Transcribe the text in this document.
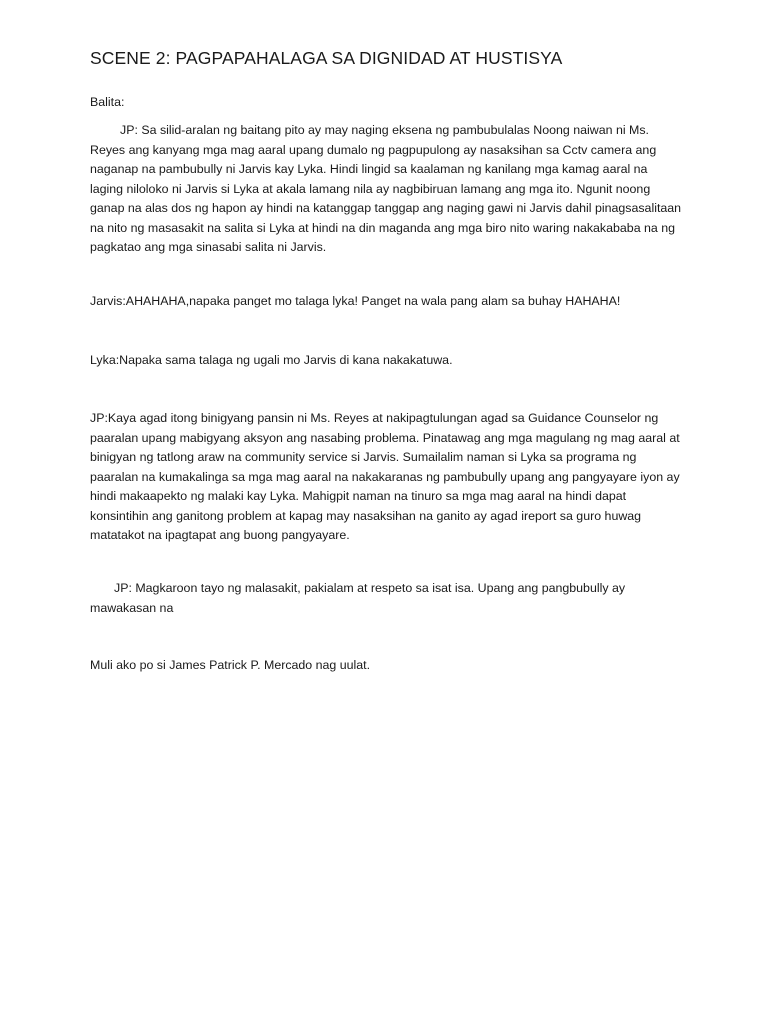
SCENE 2: PAGPAPAHALAGA SA DIGNIDAD AT HUSTISYA

Balita:

JP: Sa silid-aralan ng baitang pito ay may naging eksena ng pambubulalas Noong naiwan ni Ms. Reyes ang kanyang mga mag aaral upang dumalo ng pagpupulong ay nasaksihan sa Cctv camera ang naganap na pambubully ni Jarvis kay Lyka. Hindi lingid sa kaalaman ng kanilang mga kamag aaral na laging niloloko ni Jarvis si Lyka at akala lamang nila ay nagbibiruan lamang ang mga ito. Ngunit noong ganap na alas dos ng hapon ay hindi na katanggap tanggap ang naging gawi ni Jarvis dahil pinagsasalitaan na nito ng masasakit na salita si Lyka at hindi na din maganda ang mga biro nito waring nakakababa na ng pagkatao ang mga sinasabi salita ni Jarvis.

Jarvis:AHAHAHA,napaka panget mo talaga lyka! Panget na wala pang alam sa buhay HAHAHA!

Lyka:Napaka sama talaga ng ugali mo Jarvis di kana nakakatuwa.

JP:Kaya agad itong binigyang pansin ni Ms. Reyes at nakipagtulungan agad sa Guidance Counselor ng paaralan upang mabigyang aksyon ang nasabing problema. Pinatawag ang mga magulang ng mag aaral at binigyan ng tatlong araw na community service si Jarvis. Sumailalim naman si Lyka sa programa ng paaralan na kumakalinga sa mga mag aaral na nakakaranas ng pambubully upang ang pangyayare iyon ay hindi makaapekto ng malaki kay Lyka. Mahigpit naman na tinuro sa mga mag aaral na hindi dapat konsintihin ang ganitong problem at kapag may nasaksihan na ganito ay agad ireport sa guro huwag matatakot na ipagtapat ang buong pangyayare.

JP: Magkaroon tayo ng malasakit, pakialam at respeto sa isat isa. Upang ang pangbubully ay mawakasan na

Muli ako po si James Patrick P. Mercado nag uulat.
